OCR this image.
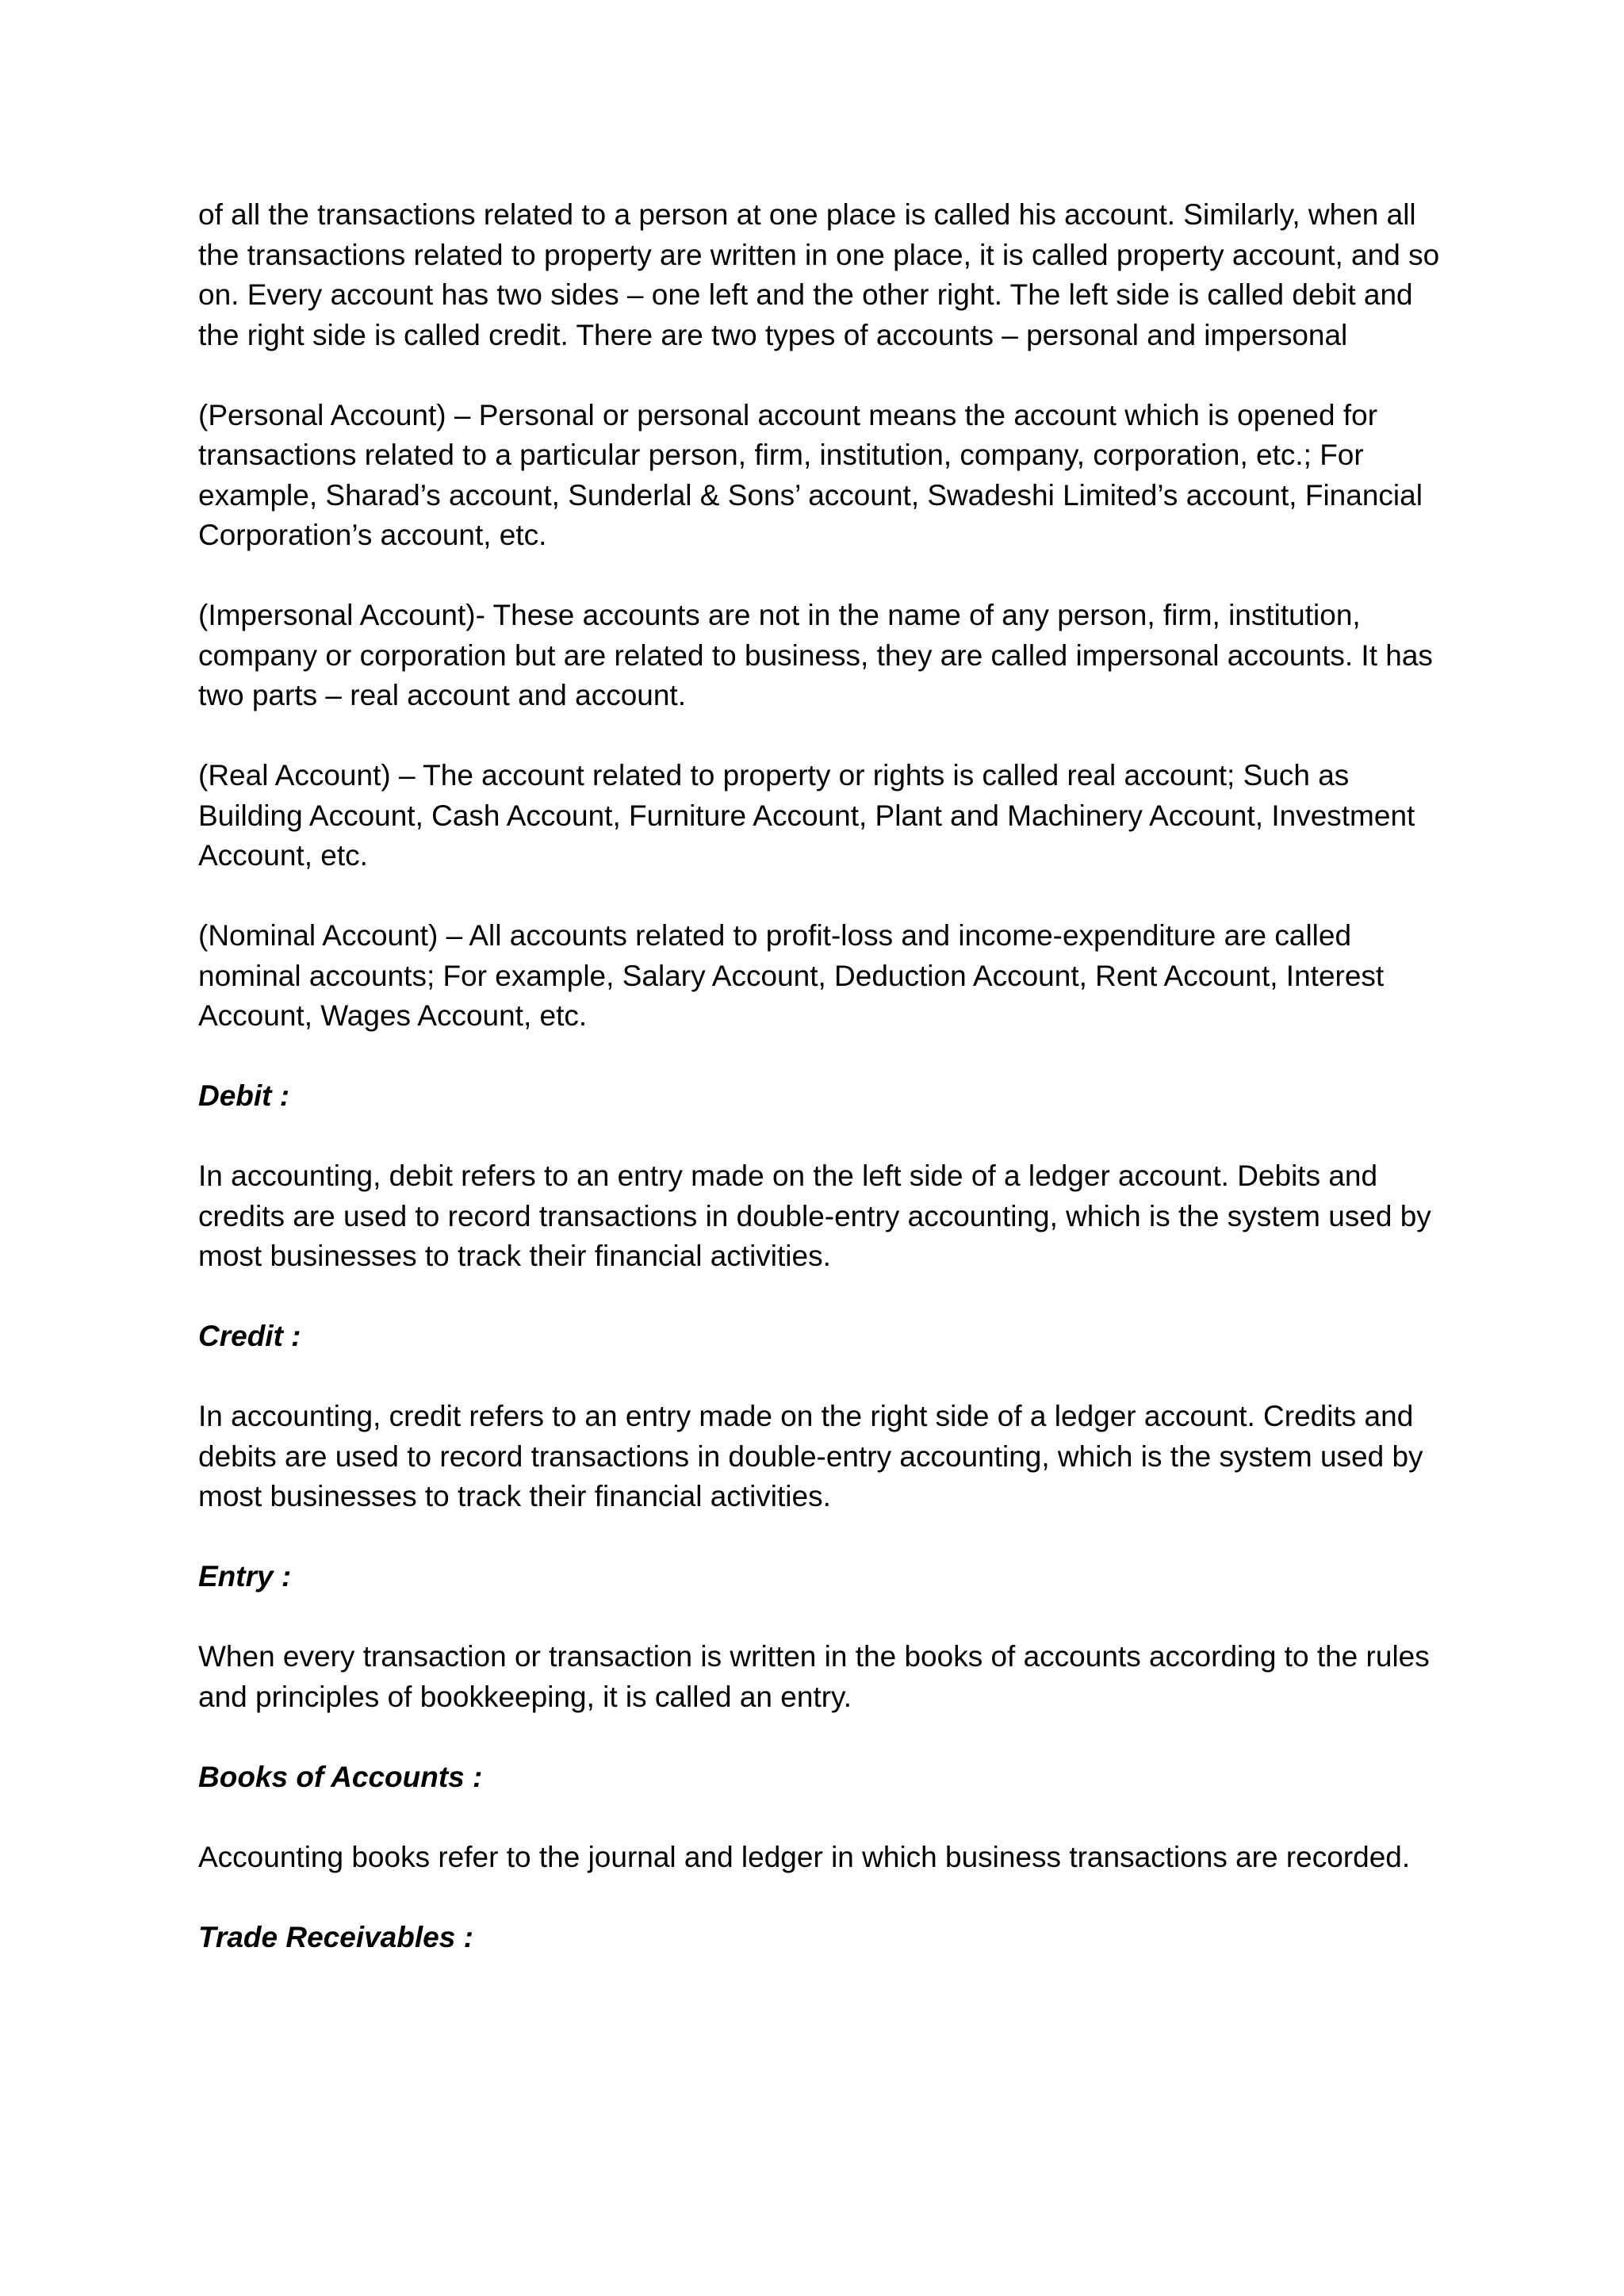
of all the transactions related to a person at one place is called his account. Similarly, when all the transactions related to property are written in one place, it is called property account, and so on. Every account has two sides – one left and the other right. The left side is called debit and the right side is called credit. There are two types of accounts – personal and impersonal

(Personal Account) – Personal or personal account means the account which is opened for transactions related to a particular person, firm, institution, company, corporation, etc.; For example, Sharad’s account, Sunderlal & Sons’ account, Swadeshi Limited’s account, Financial Corporation’s account, etc.

(Impersonal Account)- These accounts are not in the name of any person, firm, institution, company or corporation but are related to business, they are called impersonal accounts. It has two parts – real account and account.

(Real Account) – The account related to property or rights is called real account; Such as Building Account, Cash Account, Furniture Account, Plant and Machinery Account, Investment Account, etc.

(Nominal Account) – All accounts related to profit-loss and income-expenditure are called nominal accounts; For example, Salary Account, Deduction Account, Rent Account, Interest Account, Wages Account, etc.

Debit :

In accounting, debit refers to an entry made on the left side of a ledger account. Debits and credits are used to record transactions in double-entry accounting, which is the system used by most businesses to track their financial activities.

Credit :

In accounting, credit refers to an entry made on the right side of a ledger account. Credits and debits are used to record transactions in double-entry accounting, which is the system used by most businesses to track their financial activities.

Entry :

When every transaction or transaction is written in the books of accounts according to the rules and principles of bookkeeping, it is called an entry.

Books of Accounts :

Accounting books refer to the journal and ledger in which business transactions are recorded.

Trade Receivables :
